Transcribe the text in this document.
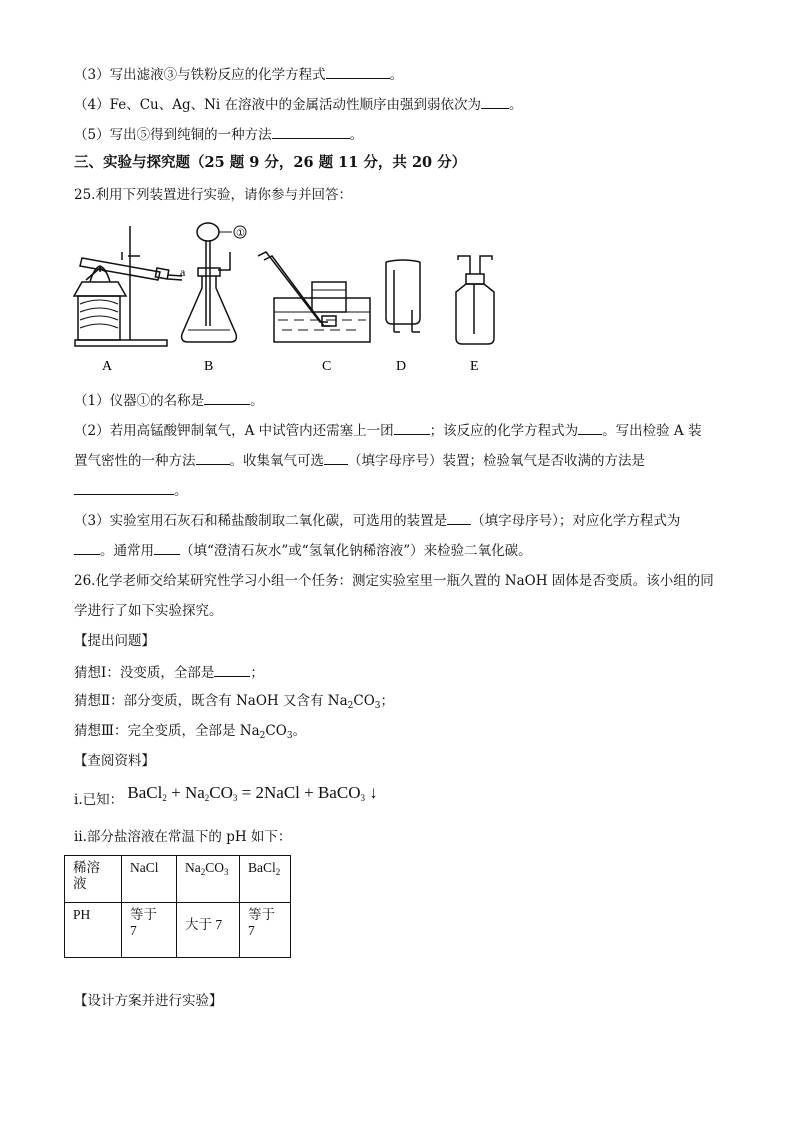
（3）写出滤液③与铁粉反应的化学方程式	。
（4）Fe、Cu、Ag、Ni 在溶液中的金属活动性顺序由强到弱依次为 。
（5）写出⑤得到纯铜的一种方法	。
三、实验与探究题（25 题 9 分，26 题 11 分，共 20 分）
25.利用下列装置进行实验，请你参与并回答：
a
A
①
B	C	D	E
（1）仪器①的名称是	。
（2）若用高锰酸钾制氧气，A 中试管内还需塞上一团	；该反应的化学方程式为 。写出检验 A 装
置气密性的一种方法	。收集氧气可选 （填字母序号）装置；检验氧气是否收满的方法是
。
（3）实验室用石灰石和稀盐酸制取二氧化碳，可选用的装置是 （填字母序号）；对应化学方程式为
。通常用 （填“澄清石灰水”或“氢氧化钠稀溶液”）来检验二氧化碳。
26.化学老师交给某研究性学习小组一个任务：测定实验室里一瓶久置的 NaOH 固体是否变质。该小组的同
学进行了如下实验探究。
【提出问题】
猜想Ⅰ：没变质，全部是	；
猜想Ⅱ：部分变质，既含有 NaOH 又含有 $Na_2CO_3$；
猜想Ⅲ：完全变质，全部是 $Na_2CO_3$。
【查阅资料】
i.已知： BaCl$_2$ + $Na_2CO_3$ = 2NaCl + BaCO$_3$ ↓
ⅱ.部分盐溶液在常温下的 pH 如下：
稀溶液	NaCl	$Na_2CO_3$	BaCl$_2$
PH	等于 7	大于 7	等于 7
【设计方案并进行实验】
